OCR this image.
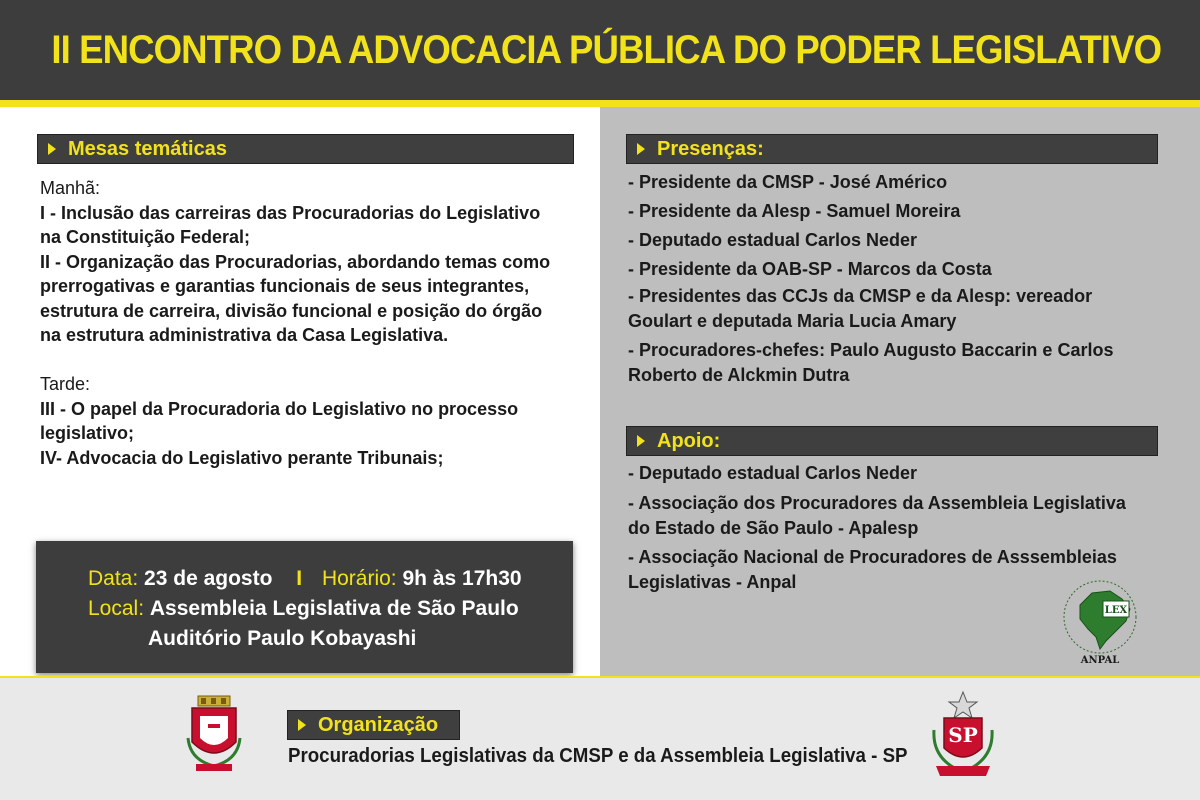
II ENCONTRO DA ADVOCACIA PÚBLICA DO PODER LEGISLATIVO
Mesas temáticas
Manhã:
I - Inclusão das carreiras das Procuradorias do Legislativo
na Constituição Federal;
II - Organização das Procuradorias, abordando temas como
prerrogativas e garantias funcionais de seus integrantes,
estrutura de carreira, divisão funcional e posição do órgão
na estrutura administrativa da Casa Legislativa.
Tarde:
III - O papel da Procuradoria do Legislativo no processo
legislativo;
IV- Advocacia do Legislativo perante Tribunais;
Data: 23 de agosto I Horário: 9h às 17h30
Local: Assembleia Legislativa de São Paulo
Auditório Paulo Kobayashi
Presenças:
- Presidente da CMSP - José Américo
- Presidente da Alesp - Samuel Moreira
- Deputado estadual Carlos Neder
- Presidente da OAB-SP - Marcos da Costa
- Presidentes das CCJs da CMSP e da Alesp: vereador
Goulart e deputada Maria Lucia Amary
- Procuradores-chefes: Paulo Augusto Baccarin e Carlos
Roberto de Alckmin Dutra
Apoio:
- Deputado estadual Carlos Neder
- Associação dos Procuradores da Assembleia Legislativa
do Estado de São Paulo - Apalesp
- Associação Nacional de Procuradores de Asssembleias
Legislativas - Anpal
LEX
ANPAL
Organização
Procuradorias Legislativas da CMSP e da Assembleia Legislativa - SP
SP
